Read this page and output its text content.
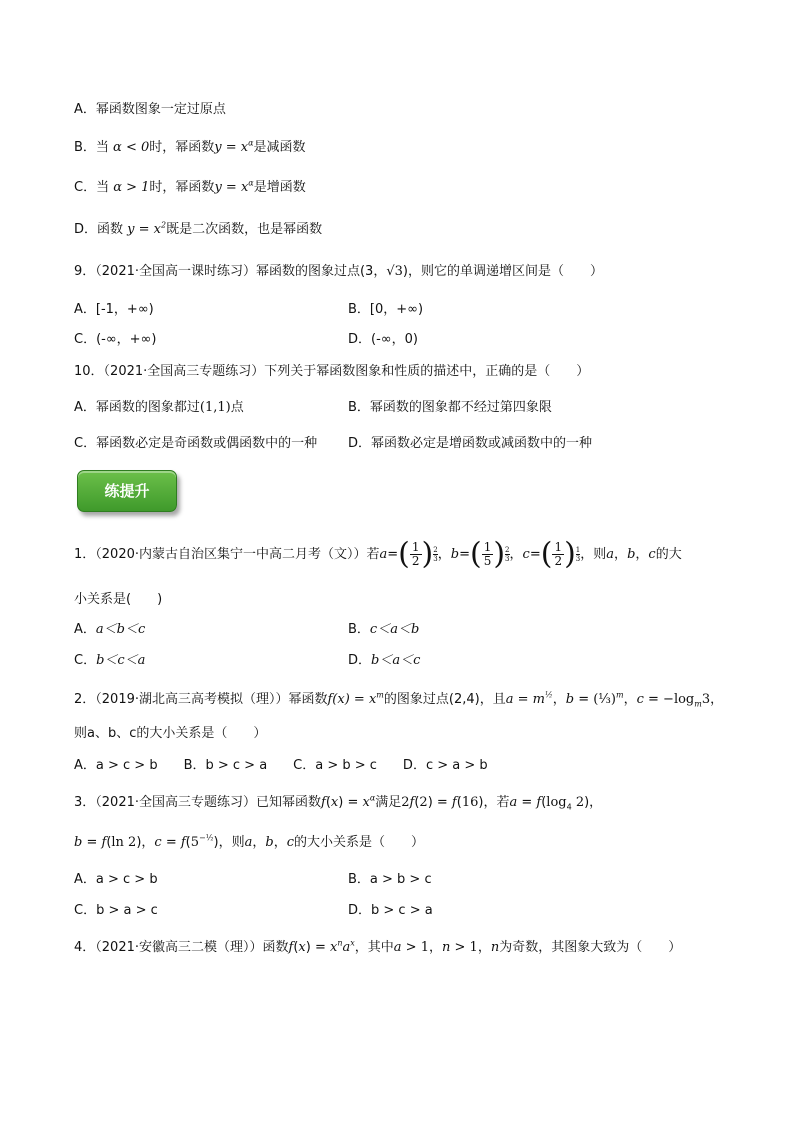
A．幂函数图象一定过原点
B．当 α < 0时，幂函数$y = x^\alpha$是减函数
C．当 α > 1时，幂函数$y = x^\alpha$是增函数
D．函数 $y = x^2$既是二次函数，也是幂函数
9．（2021·全国高一课时练习）幂函数的图象过点(3，√3)，则它的单调递增区间是（　　）
A．[-1，+∞)	B．[0，+∞)
C．(-∞，+∞)	D．(-∞，0)
10．（2021·全国高三专题练习）下列关于幂函数图象和性质的描述中，正确的是（　　）
A．幂函数的图象都过(1,1)点	B．幂函数的图象都不经过第四象限
C．幂函数必定是奇函数或偶函数中的一种 D．幂函数必定是增函数或减函数中的一种
练提升
1．（2020·内蒙古自治区集宁一中高二月考（文））若$a=( \frac{1}{2}$ ) $\frac{2}{3}$，$b=( \frac{1}{5}$ ) $\frac{2}{3}$，$c=( \frac{1}{2}$ ) $\frac{1}{3}$，则a，b，c的大
小关系是(　　)
A．a＜b＜c	B．c＜a＜b
C．b＜c＜a	D．b＜a＜c
2．（2019·湖北高三高考模拟（理））幂函数$f(x) = x^m$的图象过点(2,4)，且$a = m^{\frac{1}{2}}$，b = (⅓)$^m$，$c = -\log_m3$，
则a、b、c的大小关系是（　　）
A．a > c > b　　B．b > c > a　　C．a > b > c　　D．c > a > b
3．（2021·全国高三专题练习）已知幂函数$f(x) = x^\alpha$满足2f(2) = f(16)，若$a = f(\log_4$ 2)，
b = f(ln 2)，$c = f(5^{-\frac{1}{2}})$，则a，b，c的大小关系是（　　）
A．a > c > b	B．a > b > c
C．b > a > c	D．b > c > a
4．（2021·安徽高三二模（理））函数$f(x) = x^na^x$，其中a > 1，n > 1，n为奇数，其图象大致为（　　）
